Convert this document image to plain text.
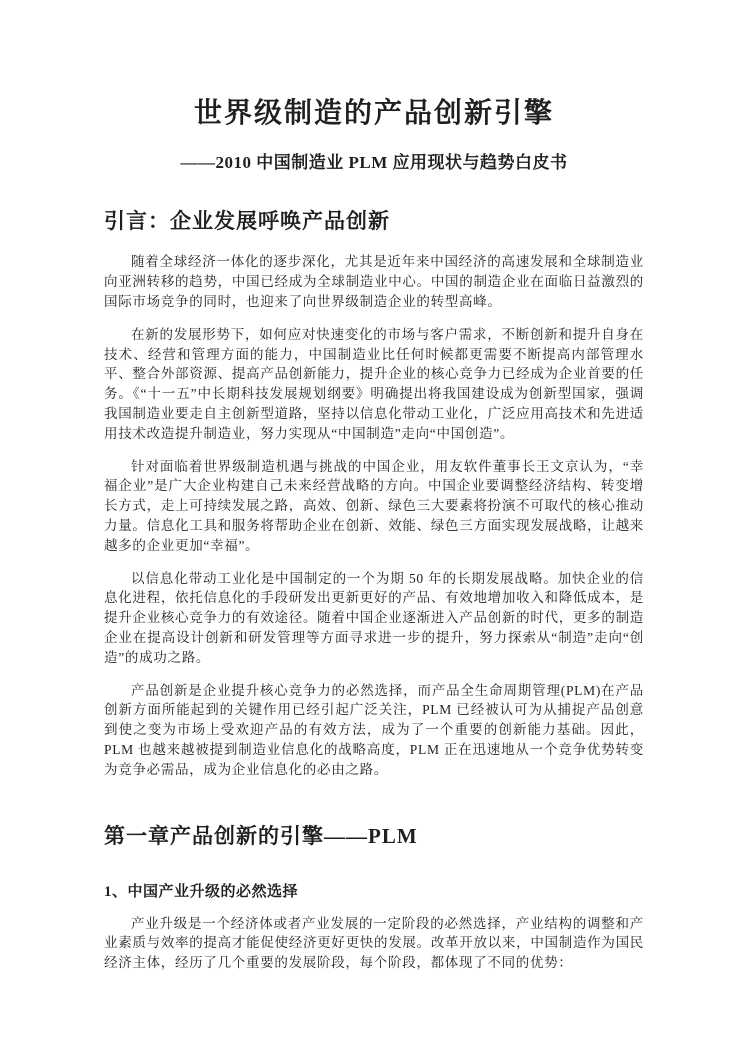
世界级制造的产品创新引擎
——2010 中国制造业 PLM 应用现状与趋势白皮书
引言：企业发展呼唤产品创新

随着全球经济一体化的逐步深化，尤其是近年来中国经济的高速发展和全球制造业向亚洲转移的趋势，中国已经成为全球制造业中心。中国的制造企业在面临日益激烈的国际市场竞争的同时，也迎来了向世界级制造企业的转型高峰。

在新的发展形势下，如何应对快速变化的市场与客户需求，不断创新和提升自身在技术、经营和管理方面的能力，中国制造业比任何时候都更需要不断提高内部管理水平、整合外部资源、提高产品创新能力，提升企业的核心竞争力已经成为企业首要的任务。《“十一五”中长期科技发展规划纲要》明确提出将我国建设成为创新型国家，强调我国制造业要走自主创新型道路，坚持以信息化带动工业化，广泛应用高技术和先进适用技术改造提升制造业，努力实现从“中国制造”走向“中国创造”。

针对面临着世界级制造机遇与挑战的中国企业，用友软件董事长王文京认为，“幸福企业”是广大企业构建自己未来经营战略的方向。中国企业要调整经济结构、转变增长方式，走上可持续发展之路，高效、创新、绿色三大要素将扮演不可取代的核心推动力量。信息化工具和服务将帮助企业在创新、效能、绿色三方面实现发展战略，让越来越多的企业更加“幸福”。

以信息化带动工业化是中国制定的一个为期 50 年的长期发展战略。加快企业的信息化进程，依托信息化的手段研发出更新更好的产品、有效地增加收入和降低成本，是提升企业核心竞争力的有效途径。随着中国企业逐渐进入产品创新的时代，更多的制造企业在提高设计创新和研发管理等方面寻求进一步的提升，努力探索从“制造”走向“创造”的成功之路。

产品创新是企业提升核心竞争力的必然选择，而产品全生命周期管理(PLM)在产品创新方面所能起到的关键作用已经引起广泛关注，PLM 已经被认可为从捕捉产品创意到使之变为市场上受欢迎产品的有效方法，成为了一个重要的创新能力基础。因此，PLM 也越来越被提到制造业信息化的战略高度，PLM 正在迅速地从一个竞争优势转变为竞争必需品，成为企业信息化的必由之路。

第一章产品创新的引擎——PLM
1、中国产业升级的必然选择

产业升级是一个经济体或者产业发展的一定阶段的必然选择，产业结构的调整和产业素质与效率的提高才能促使经济更好更快的发展。改革开放以来，中国制造作为国民经济主体，经历了几个重要的发展阶段，每个阶段，都体现了不同的优势：
